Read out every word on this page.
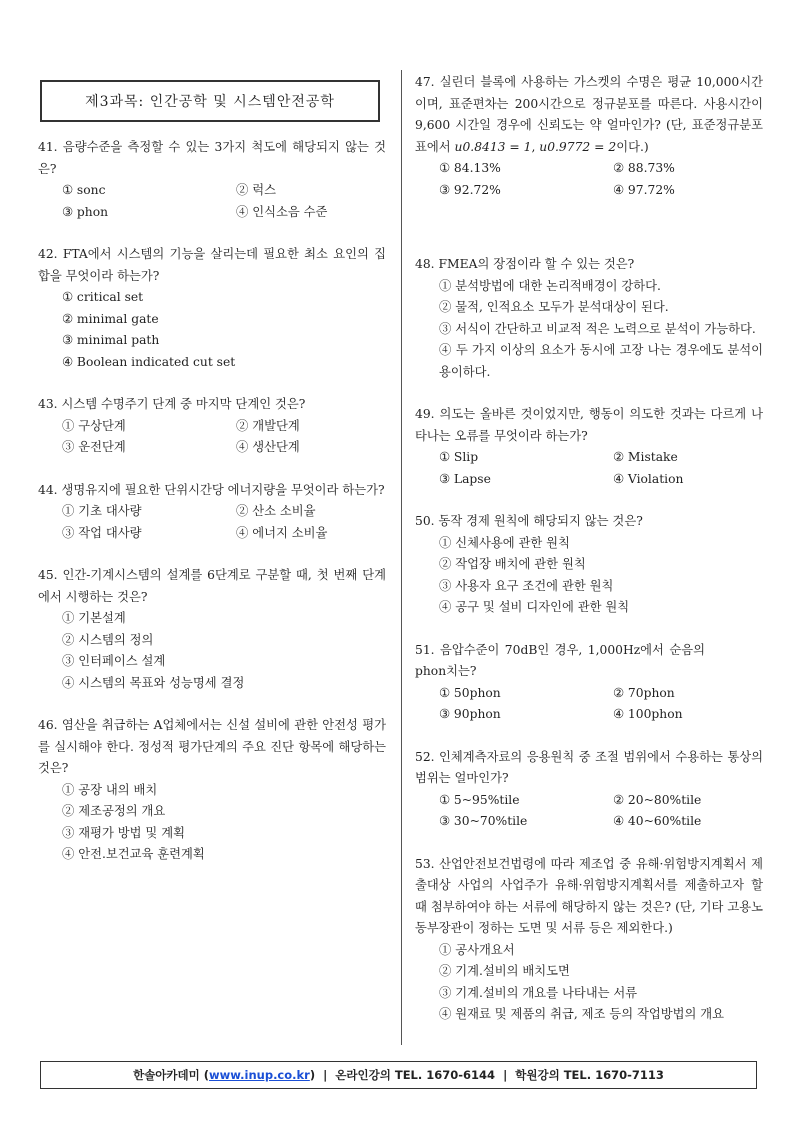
제3과목: 인간공학 및 시스템안전공학
41. 음량수준을 측정할 수 있는 3가지 척도에 해당되지 않는 것은?
① sonc	② 럭스
③ phon	④ 인식소음 수준
42. FTA에서 시스템의 기능을 살리는데 필요한 최소 요인의 집합을 무엇이라 하는가?
① critical set
② minimal gate
③ minimal path
④ Boolean indicated cut set
43. 시스템 수명주기 단계 중 마지막 단계인 것은?
① 구상단계	② 개발단계
③ 운전단계	④ 생산단계
44. 생명유지에 필요한 단위시간당 에너지량을 무엇이라 하는가?
① 기초 대사량	② 산소 소비율
③ 작업 대사량	④ 에너지 소비율
45. 인간-기계시스템의 설계를 6단계로 구분할 때, 첫 번째 단계에서 시행하는 것은?
① 기본설계
② 시스템의 정의
③ 인터페이스 설계
④ 시스템의 목표와 성능명세 결정
46. 염산을 취급하는 A업체에서는 신설 설비에 관한 안전성 평가를 실시해야 한다. 정성적 평가단계의 주요 진단 항목에 해당하는 것은?
① 공장 내의 배치
② 제조공정의 개요
③ 재평가 방법 및 계획
④ 안전.보건교육 훈련계획
47. 실린더 블록에 사용하는 가스켓의 수명은 평균 10,000시간이며, 표준편차는 200시간으로 정규분포를 따른다. 사용시간이 9,600 시간일 경우에 신뢰도는 약 얼마인가? (단, 표준정규분포표에서 u0.8413 = 1, u0.9772 = 2이다.)
① 84.13%	② 88.73%
③ 92.72%	④ 97.72%
48. FMEA의 장점이라 할 수 있는 것은?
① 분석방법에 대한 논리적배경이 강하다.
② 물적, 인적요소 모두가 분석대상이 된다.
③ 서식이 간단하고 비교적 적은 노력으로 분석이 가능하다.
④ 두 가지 이상의 요소가 동시에 고장 나는 경우에도 분석이 용이하다.
49. 의도는 올바른 것이었지만, 행동이 의도한 것과는 다르게 나타나는 오류를 무엇이라 하는가?
① Slip	② Mistake
③ Lapse	④ Violation
50. 동작 경제 원칙에 해당되지 않는 것은?
① 신체사용에 관한 원칙
② 작업장 배치에 관한 원칙
③ 사용자 요구 조건에 관한 원칙
④ 공구 및 설비 디자인에 관한 원칙
51. 음압수준이 70dB인 경우, 1,000Hz에서 순음의 phon치는?
① 50phon	② 70phon
③ 90phon	④ 100phon
52. 인체계측자료의 응용원칙 중 조절 범위에서 수용하는 통상의 범위는 얼마인가?
① 5~95%tile	② 20~80%tile
③ 30~70%tile	④ 40~60%tile
53. 산업안전보건법령에 따라 제조업 중 유해·위험방지계획서 제출대상 사업의 사업주가 유해·위험방지계획서를 제출하고자 할 때 첨부하여야 하는 서류에 해당하지 않는 것은? (단, 기타 고용노동부장관이 정하는 도면 및 서류 등은 제외한다.)
① 공사개요서
② 기계.설비의 배치도면
③ 기계.설비의 개요를 나타내는 서류
④ 원재료 및 제품의 취급, 제조 등의 작업방법의 개요
한솔아카데미 ( www.inup.co.kr ) | 온라인강의 TEL. 1670-6144 | 학원강의 TEL. 1670-7113
